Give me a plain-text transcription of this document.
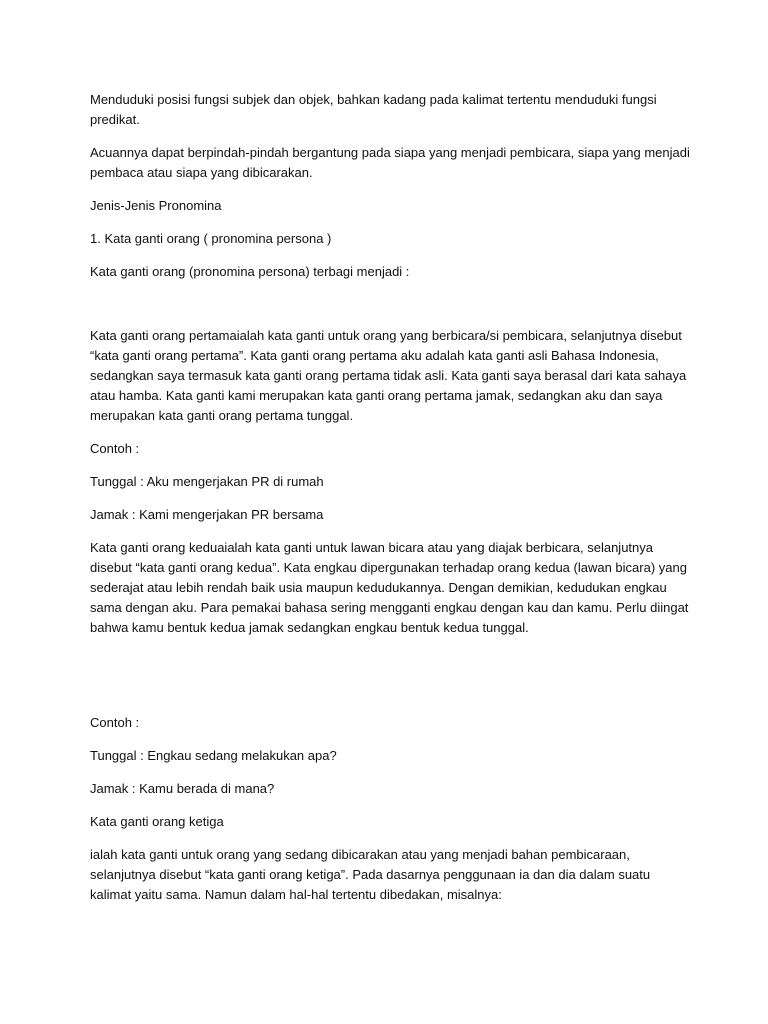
Menduduki posisi fungsi subjek dan objek, bahkan kadang pada kalimat tertentu menduduki fungsi predikat.

Acuannya dapat berpindah-pindah bergantung pada siapa yang menjadi pembicara, siapa yang menjadi pembaca atau siapa yang dibicarakan.

Jenis-Jenis Pronomina

1. Kata ganti orang ( pronomina persona )

Kata ganti orang (pronomina persona) terbagi menjadi :

Kata ganti orang pertamaialah kata ganti untuk orang yang berbicara/si pembicara, selanjutnya disebut “kata ganti orang pertama”. Kata ganti orang pertama aku adalah kata ganti asli Bahasa Indonesia, sedangkan saya termasuk kata ganti orang pertama tidak asli. Kata ganti saya berasal dari kata sahaya atau hamba. Kata ganti kami merupakan kata ganti orang pertama jamak, sedangkan aku dan saya merupakan kata ganti orang pertama tunggal.

Contoh :

Tunggal : Aku mengerjakan PR di rumah

Jamak : Kami mengerjakan PR bersama

Kata ganti orang keduaialah kata ganti untuk lawan bicara atau yang diajak berbicara, selanjutnya disebut “kata ganti orang kedua”. Kata engkau dipergunakan terhadap orang kedua (lawan bicara) yang sederajat atau lebih rendah baik usia maupun kedudukannya. Dengan demikian, kedudukan engkau sama dengan aku. Para pemakai bahasa sering mengganti engkau dengan kau dan kamu. Perlu diingat bahwa kamu bentuk kedua jamak sedangkan engkau bentuk kedua tunggal.

Contoh :

Tunggal : Engkau sedang melakukan apa?

Jamak : Kamu berada di mana?

Kata ganti orang ketiga

ialah kata ganti untuk orang yang sedang dibicarakan atau yang menjadi bahan pembicaraan, selanjutnya disebut “kata ganti orang ketiga”. Pada dasarnya penggunaan ia dan dia dalam suatu kalimat yaitu sama. Namun dalam hal-hal tertentu dibedakan, misalnya:
